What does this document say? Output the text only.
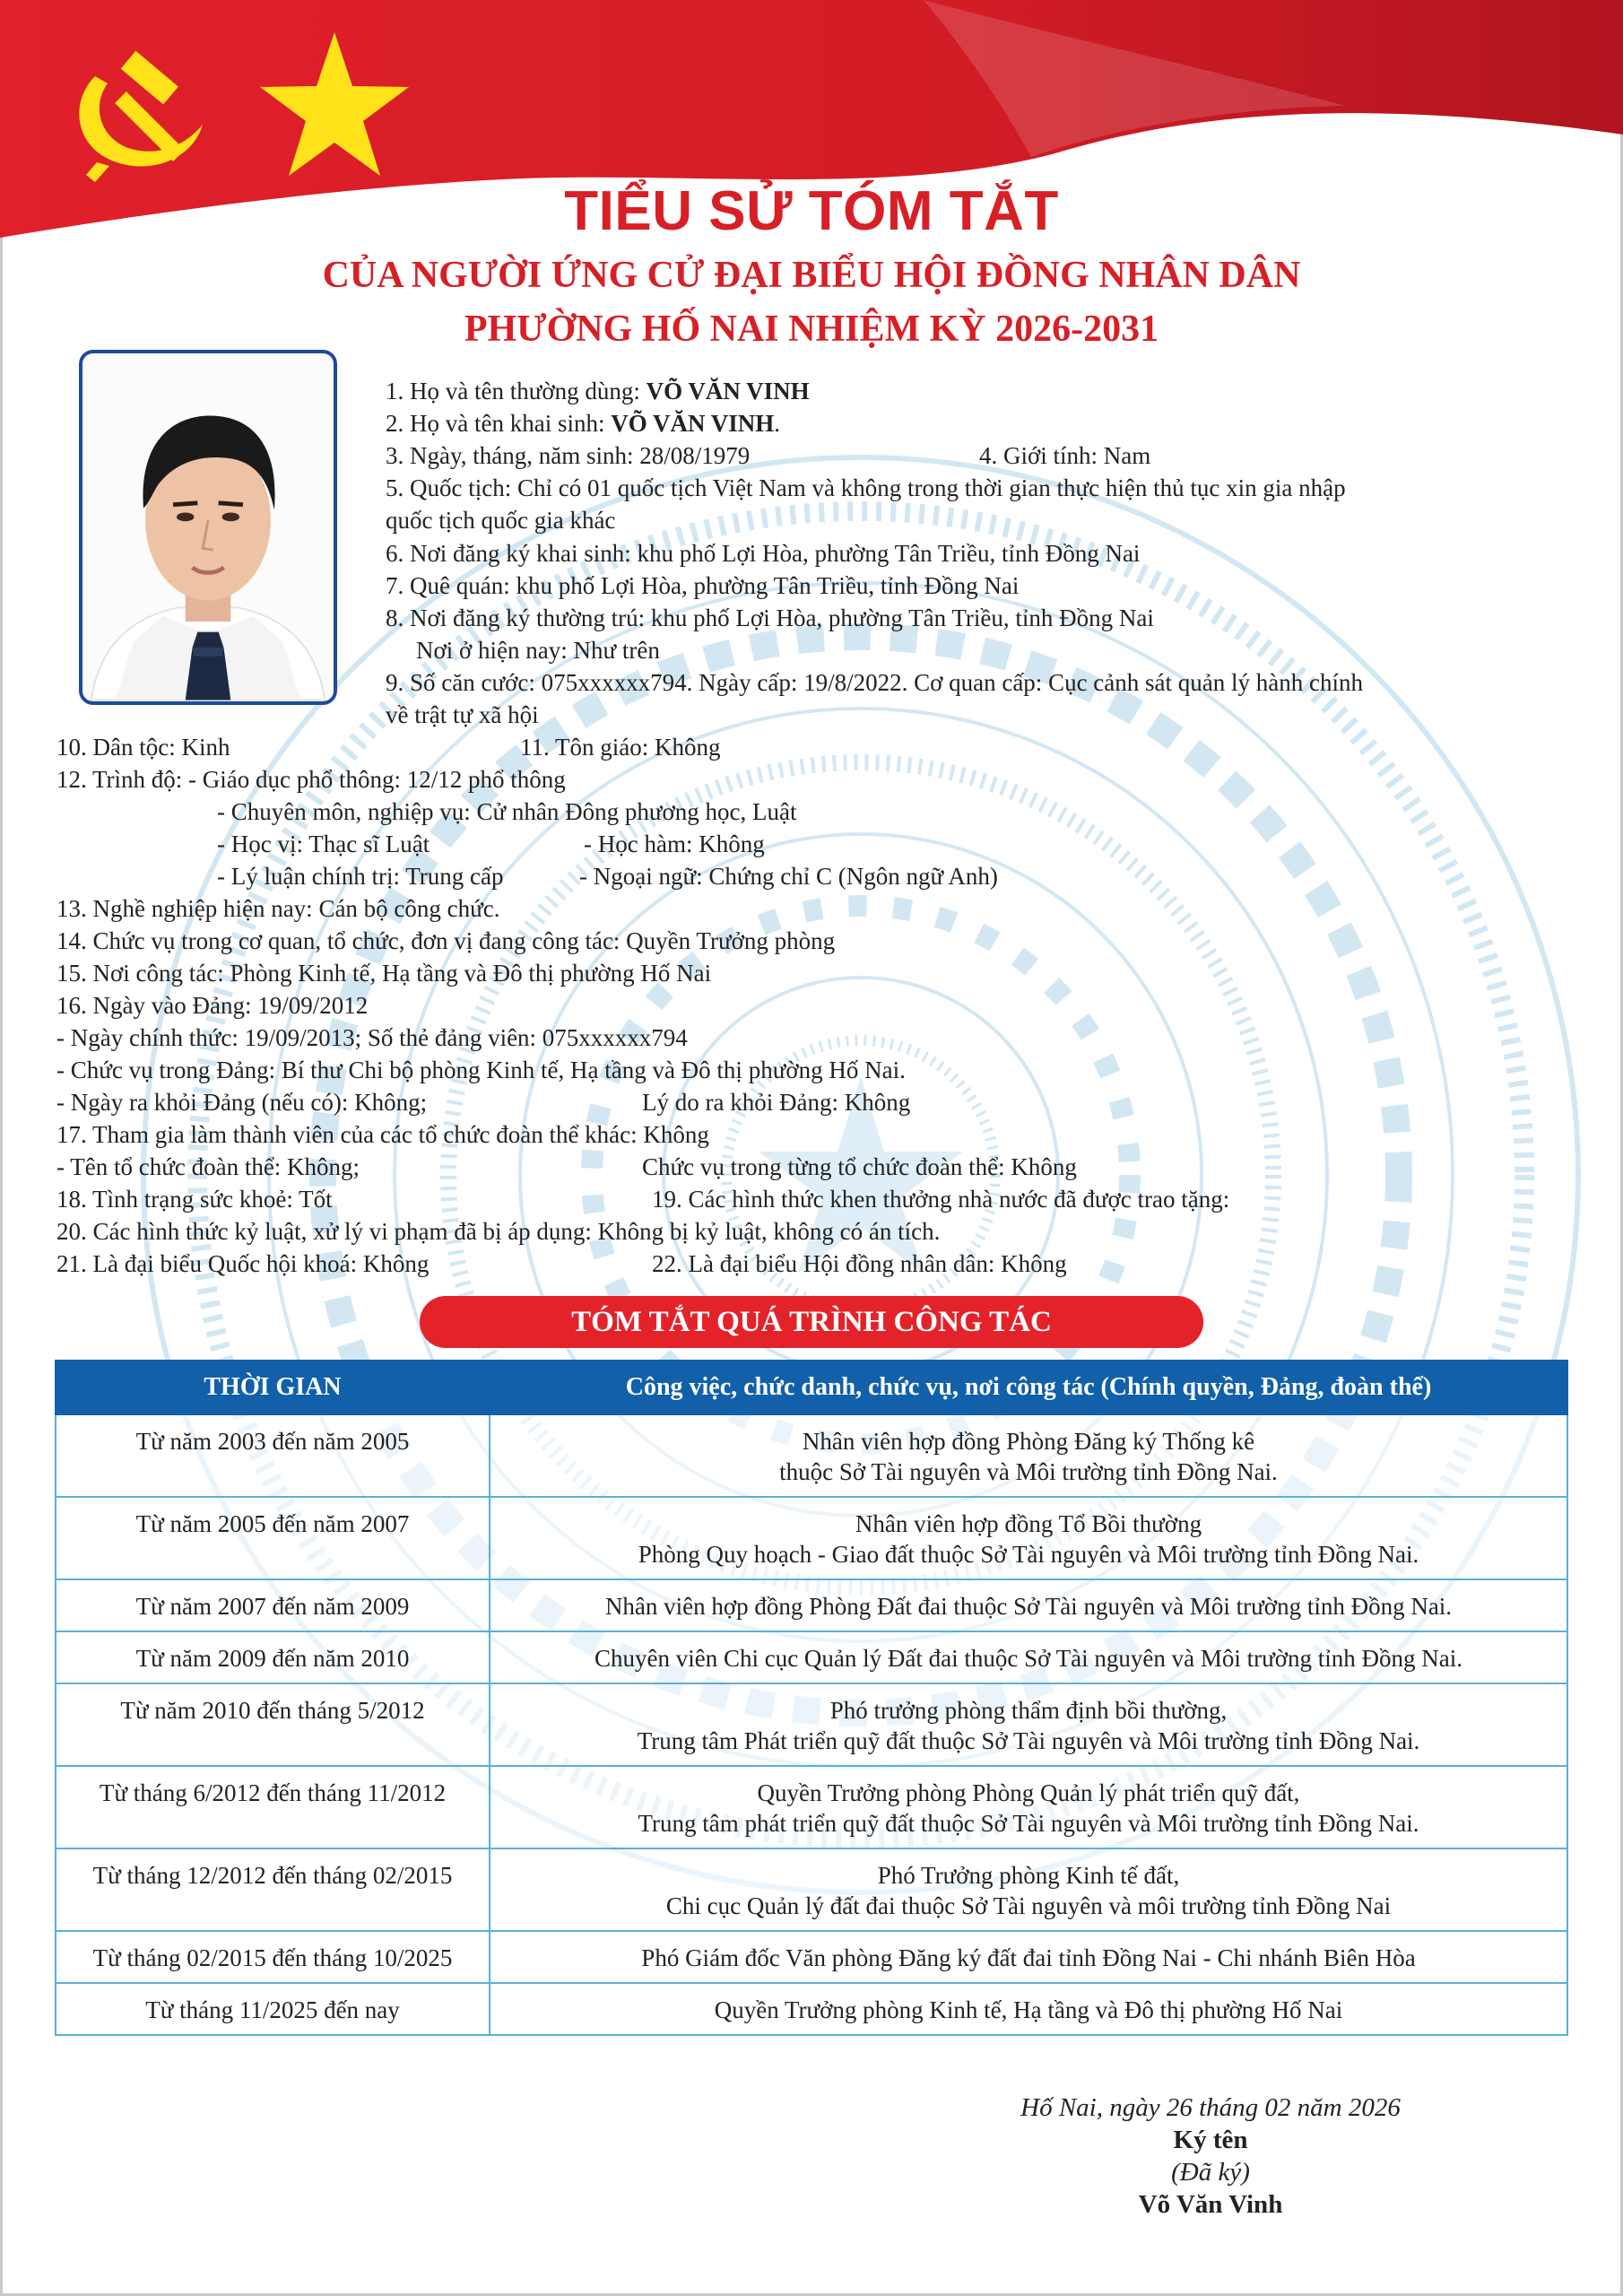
TIỂU SỬ TÓM TẮT
CỦA NGƯỜI ỨNG CỬ ĐẠI BIỂU HỘI ĐỒNG NHÂN DÂN
PHƯỜNG HỐ NAI NHIỆM KỲ 2026-2031
1. Họ và tên thường dùng: VÕ VĂN VINH
2. Họ và tên khai sinh: VÕ VĂN VINH.
3. Ngày, tháng, năm sinh: 28/08/1979	4. Giới tính: Nam
5. Quốc tịch: Chỉ có 01 quốc tịch Việt Nam và không trong thời gian thực hiện thủ tục xin gia nhập
quốc tịch quốc gia khác
6. Nơi đăng ký khai sinh: khu phố Lợi Hòa, phường Tân Triều, tỉnh Đồng Nai
7. Quê quán: khu phố Lợi Hòa, phường Tân Triều, tỉnh Đồng Nai
8. Nơi đăng ký thường trú: khu phố Lợi Hòa, phường Tân Triều, tỉnh Đồng Nai
Nơi ở hiện nay: Như trên
9. Số căn cước: 075xxxxxx794. Ngày cấp: 19/8/2022. Cơ quan cấp: Cục cảnh sát quản lý hành chính
về trật tự xã hội
10. Dân tộc: Kinh	11. Tôn giáo: Không
12. Trình độ: - Giáo dục phổ thông: 12/12 phổ thông
- Chuyên môn, nghiệp vụ: Cử nhân Đông phương học, Luật
- Học vị: Thạc sĩ Luật	- Học hàm: Không
- Lý luận chính trị: Trung cấp	- Ngoại ngữ: Chứng chỉ C (Ngôn ngữ Anh)
13. Nghề nghiệp hiện nay: Cán bộ công chức.
14. Chức vụ trong cơ quan, tổ chức, đơn vị đang công tác: Quyền Trưởng phòng
15. Nơi công tác: Phòng Kinh tế, Hạ tầng và Đô thị phường Hố Nai
16. Ngày vào Đảng: 19/09/2012
- Ngày chính thức: 19/09/2013; Số thẻ đảng viên: 075xxxxxx794
- Chức vụ trong Đảng: Bí thư Chi bộ phòng Kinh tế, Hạ tầng và Đô thị phường Hố Nai.
- Ngày ra khỏi Đảng (nếu có): Không;	Lý do ra khỏi Đảng: Không
17. Tham gia làm thành viên của các tổ chức đoàn thể khác: Không
- Tên tổ chức đoàn thể: Không;	Chức vụ trong từng tổ chức đoàn thể: Không
18. Tình trạng sức khoẻ: Tốt	19. Các hình thức khen thưởng nhà nước đã được trao tặng:
20. Các hình thức kỷ luật, xử lý vi phạm đã bị áp dụng: Không bị kỷ luật, không có án tích.
21. Là đại biểu Quốc hội khoá: Không	22. Là đại biểu Hội đồng nhân dân: Không
TÓM TẮT QUÁ TRÌNH CÔNG TÁC
THỜI GIAN	Công việc, chức danh, chức vụ, nơi công tác (Chính quyền, Đảng, đoàn thể)
Từ năm 2003 đến năm 2005	Nhân viên hợp đồng Phòng Đăng ký Thống kê
thuộc Sở Tài nguyên và Môi trường tỉnh Đồng Nai.

Từ năm 2005 đến năm 2007	Nhân viên hợp đồng Tổ Bồi thường
Phòng Quy hoạch - Giao đất thuộc Sở Tài nguyên và Môi trường tỉnh Đồng Nai.

Từ năm 2007 đến năm 2009	Nhân viên hợp đồng Phòng Đất đai thuộc Sở Tài nguyên và Môi trường tỉnh Đồng Nai.

Từ năm 2009 đến năm 2010	Chuyên viên Chi cục Quản lý Đất đai thuộc Sở Tài nguyên và Môi trường tỉnh Đồng Nai.

Từ năm 2010 đến tháng 5/2012	Phó trưởng phòng thẩm định bồi thường,
Trung tâm Phát triển quỹ đất thuộc Sở Tài nguyên và Môi trường tỉnh Đồng Nai.

Từ tháng 6/2012 đến tháng 11/2012	Quyền Trưởng phòng Phòng Quản lý phát triển quỹ đất,
Trung tâm phát triển quỹ đất thuộc Sở Tài nguyên và Môi trường tỉnh Đồng Nai.

Từ tháng 12/2012 đến tháng 02/2015	Phó Trưởng phòng Kinh tế đất,
Chi cục Quản lý đất đai thuộc Sở Tài nguyên và môi trường tỉnh Đồng Nai

Từ tháng 02/2015 đến tháng 10/2025	Phó Giám đốc Văn phòng Đăng ký đất đai tỉnh Đồng Nai - Chi nhánh Biên Hòa

Từ tháng 11/2025 đến nay	Quyền Trưởng phòng Kinh tế, Hạ tầng và Đô thị phường Hố Nai
Hố Nai, ngày 26 tháng 02 năm 2026
Ký tên
(Đã ký)
Võ Văn Vinh
